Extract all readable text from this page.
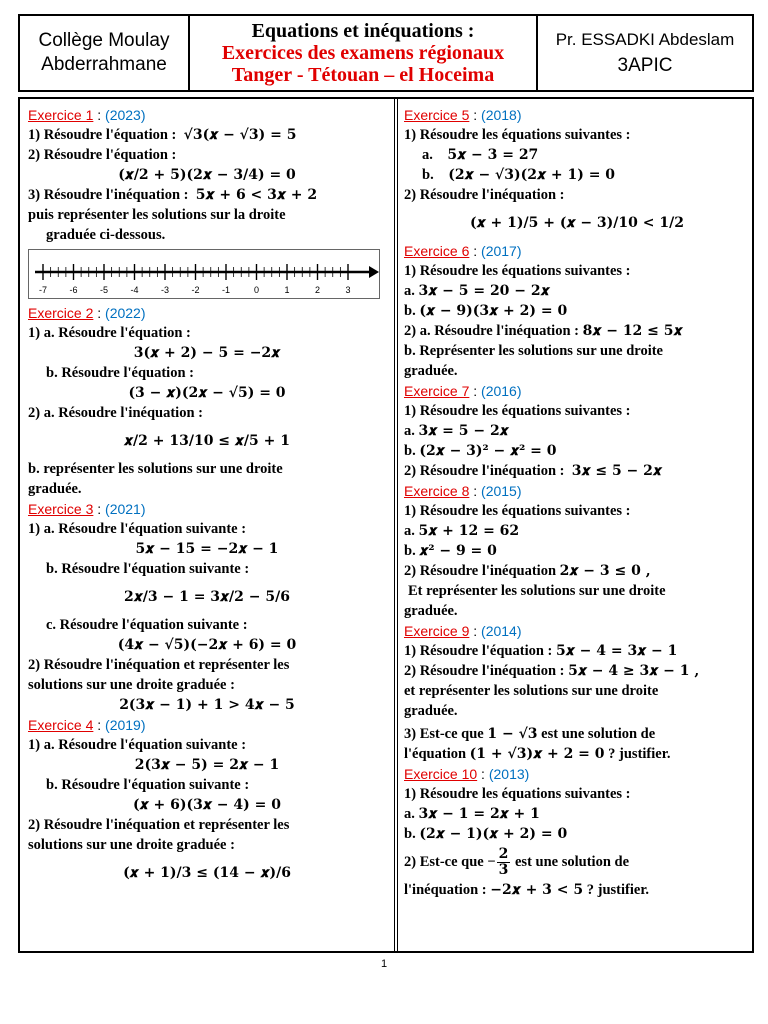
Collège Moulay
Abderrahmane
Equations et inéquations :
Exercices des examens régionaux
Tanger - Tétouan – el Hoceima
Pr. ESSADKI Abdeslam
3APIC
Exercice 1 : (2023)
1) Résoudre l'équation : √3(𝒙 − √3) = 5
2) Résoudre l'équation :
(𝒙/2 + 5)(2𝒙 − 3/4) = 0
3) Résoudre l'inéquation : 5𝒙 + 6 < 3𝒙 + 2
puis représenter les solutions sur la droite
graduée ci-dessous.
-7 -6 -5 -4 -3 -2 -1	0	1	2	3
Exercice 2 : (2022)
1) a. Résoudre l'équation :
3(𝒙 + 2) − 5 = −2𝒙
b. Résoudre l'équation :
(3 − 𝒙)(2𝒙 − √5) = 0
2) a. Résoudre l'inéquation :
𝒙/2 + 13/10 ≤ 𝒙/5 + 1
b. représenter les solutions sur une droite
graduée.
Exercice 3 : (2021)
1) a. Résoudre l'équation suivante :
5𝒙 − 15 = −2𝒙 − 1
b. Résoudre l'équation suivante :
2𝒙/3 − 1 = 3𝒙/2 − 5/6
c. Résoudre l'équation suivante :
(4𝒙 − √5)(−2𝒙 + 6) = 0
2) Résoudre l'inéquation et représenter les
solutions sur une droite graduée :
2(3𝒙 − 1) + 1 > 4𝒙 − 5
Exercice 4 : (2019)
1) a. Résoudre l'équation suivante :
2(3𝒙 − 5) = 2𝒙 − 1
b. Résoudre l'équation suivante :
(𝒙 + 6)(3𝒙 − 4) = 0
2) Résoudre l'inéquation et représenter les
solutions sur une droite graduée :
(𝒙 + 1)/3 ≤ (14 − 𝒙)/6
Exercice 5 : (2018)
1) Résoudre les équations suivantes :
a. 5𝒙 − 3 = 27
b. (2𝒙 − √3)(2𝒙 + 1) = 0
2) Résoudre l'inéquation :
(𝒙 + 1)/5 + (𝒙 − 3)/10 < 1/2
Exercice 6 : (2017)
1) Résoudre les équations suivantes :
a. 3𝒙 − 5 = 20 − 2𝒙
b. (𝒙 − 9)(3𝒙 + 2) = 0
2) a. Résoudre l'inéquation : 8𝒙 − 12 ≤ 5𝒙
b. Représenter les solutions sur une droite
graduée.
Exercice 7 : (2016)
1) Résoudre les équations suivantes :
a. 3𝒙 = 5 − 2𝒙
b. (2𝒙 − 3)² − 𝒙² = 0
2) Résoudre l'inéquation : 3𝒙 ≤ 5 − 2𝒙
Exercice 8 : (2015)
1) Résoudre les équations suivantes :
a. 5𝒙 + 12 = 62
b. 𝒙² − 9 = 0
2) Résoudre l'inéquation 2𝒙 − 3 ≤ 0 ,
Et représenter les solutions sur une droite
graduée.
Exercice 9 : (2014)
1) Résoudre l'équation : 5𝒙 − 4 = 3𝒙 − 1
2) Résoudre l'inéquation : 5𝒙 − 4 ≥ 3𝒙 − 1 ,
et représenter les solutions sur une droite
graduée.
3) Est-ce que 1 − √3 est une solution de
l'équation (1 + √3)𝒙 + 2 = 0 ? justifier.
Exercice 10 : (2013)
1) Résoudre les équations suivantes :
a. 3𝒙 − 1 = 2𝒙 + 1
b. (2𝒙 − 1)(𝒙 + 2) = 0
2) Est-ce que − $\frac{2}{3}$ est une solution de
l'inéquation : −2𝒙 + 3 < 5 ? justifier.
1
